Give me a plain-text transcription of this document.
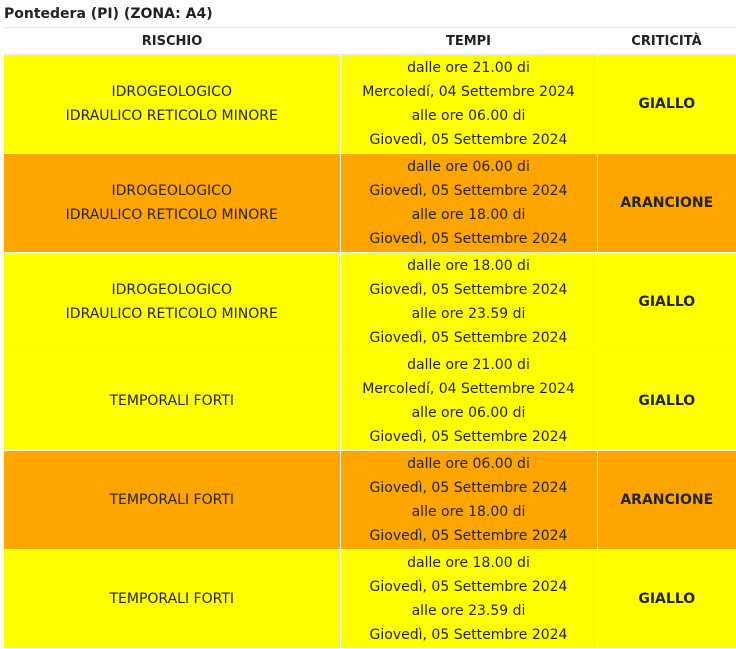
Pontedera (PI) (ZONA: A4)
RISCHIO	TEMPI	CRITICITÀ

IDROGEOLOGICO
IDRAULICO RETICOLO MINORE	dalle ore 21.00 di
Mercoledí, 04 Settembre 2024
alle ore 06.00 di
Giovedì, 05 Settembre 2024	GIALLO

IDROGEOLOGICO
IDRAULICO RETICOLO MINORE	dalle ore 06.00 di
Giovedì, 05 Settembre 2024
alle ore 18.00 di
Giovedì, 05 Settembre 2024	ARANCIONE

IDROGEOLOGICO
IDRAULICO RETICOLO MINORE	dalle ore 18.00 di
Giovedì, 05 Settembre 2024
alle ore 23.59 di
Giovedì, 05 Settembre 2024	GIALLO

TEMPORALI FORTI	dalle ore 21.00 di
Mercoledí, 04 Settembre 2024
alle ore 06.00 di
Giovedì, 05 Settembre 2024	GIALLO

TEMPORALI FORTI	dalle ore 06.00 di
Giovedì, 05 Settembre 2024
alle ore 18.00 di
Giovedì, 05 Settembre 2024	ARANCIONE

TEMPORALI FORTI	dalle ore 18.00 di
Giovedì, 05 Settembre 2024
alle ore 23.59 di
Giovedì, 05 Settembre 2024	GIALLO
